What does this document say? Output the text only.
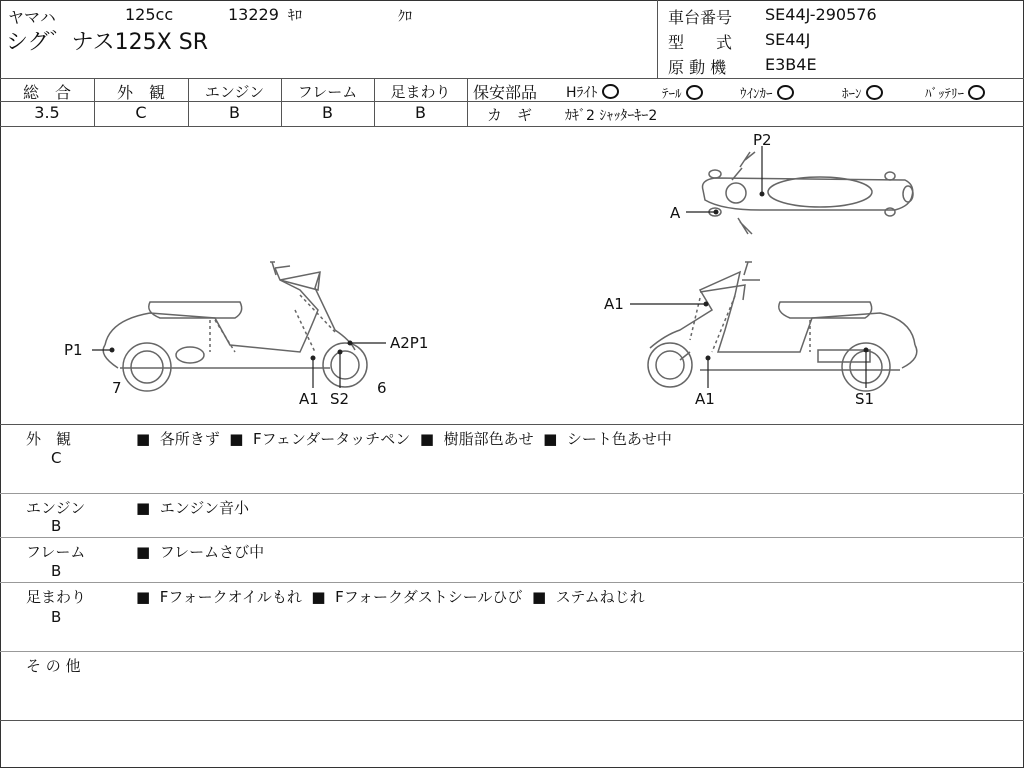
ヤマハ	125cc	13229 ｷﾛ	ｸﾛ
シグ゛ナス125X SR
車台番号 SE44J-290576
型　　式 SE44J
原 動 機 E3B4E
総　合
3.5
外　観
C
エンジン
B
フレーム
B
足まわり
B
保安部品 Hﾗｲﾄ	ﾃｰﾙ	ｳｲﾝｶｰ	ﾎｰﾝ	ﾊﾞｯﾃﾘｰ
カ　ギ ｶｷﾞ2 ｼｬｯﾀｰｷｰ2
P2
A
P1	A2P1
A1 S2
6
7
A1
A1	S1
外　観
C
■ 各所きず ■ Fフェンダータッチペン ■ 樹脂部色あせ ■ シート色あせ中
エンジン
B
■ エンジン音小
フレーム
B
■ フレームさび中
足まわり
B
■ Fフォークオイルもれ ■ Fフォークダストシールひび ■ ステムねじれ
そ の 他
